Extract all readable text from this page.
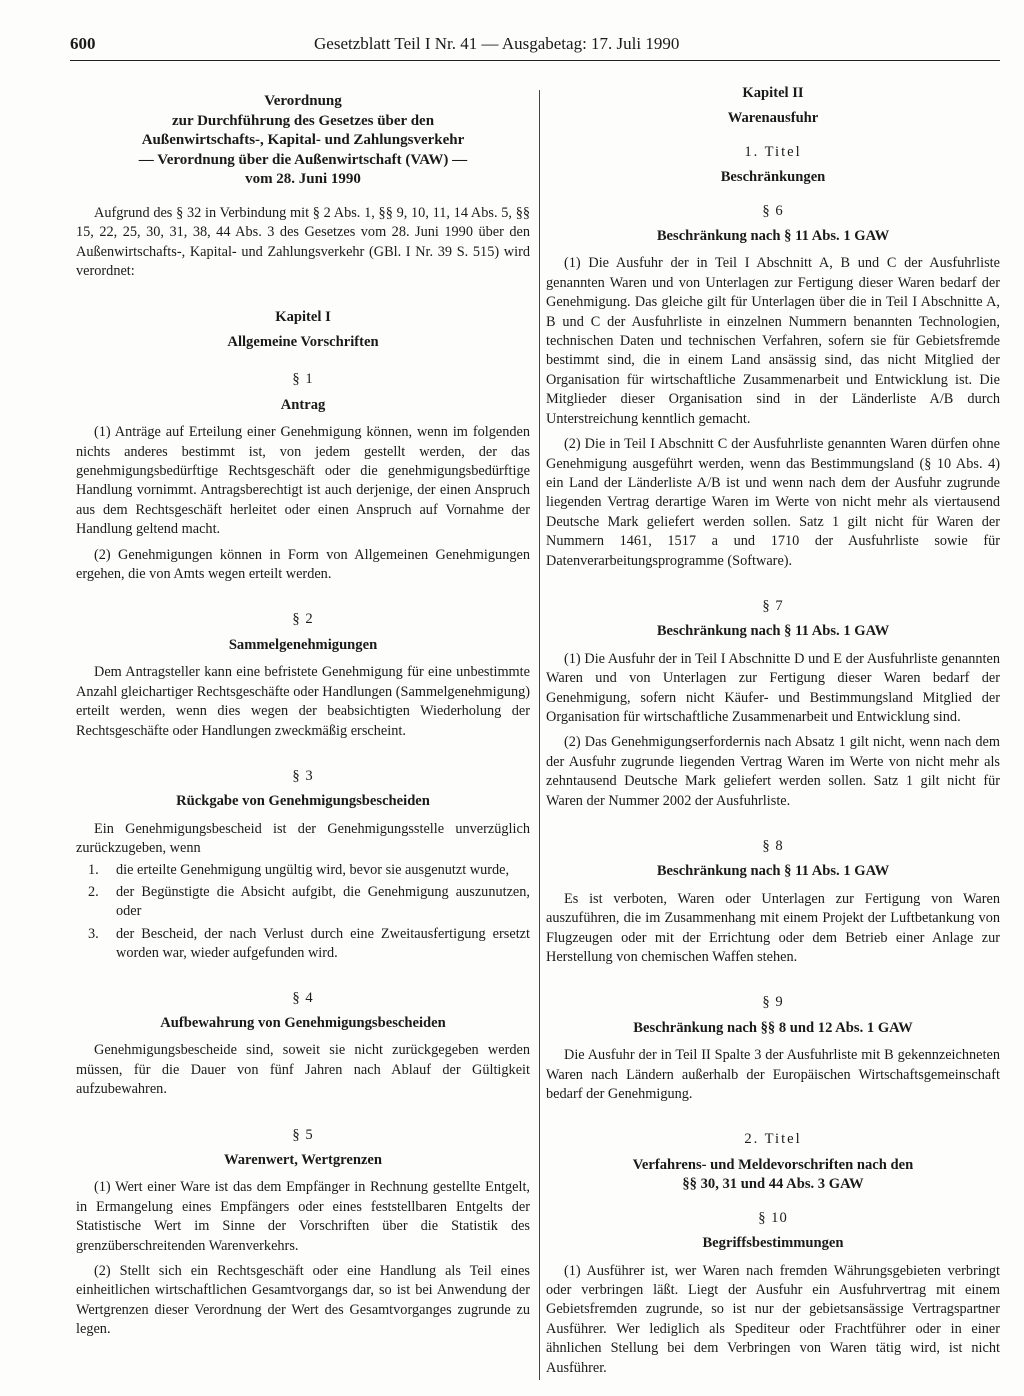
600	Gesetzblatt Teil I Nr. 41 — Ausgabetag: 17. Juli 1990
Verordnung
zur Durchführung des Gesetzes über den
Außenwirtschafts-, Kapital- und Zahlungsverkehr
— Verordnung über die Außenwirtschaft (VAW) —
vom 28. Juni 1990

Aufgrund des § 32 in Verbindung mit § 2 Abs. 1, §§ 9, 10, 11, 14 Abs. 5, §§ 15, 22, 25, 30, 31, 38, 44 Abs. 3 des Gesetzes vom 28. Juni 1990 über den Außenwirtschafts-, Kapital- und Zahlungsverkehr (GBl. I Nr. 39 S. 515) wird verordnet:

Kapitel I
Allgemeine Vorschriften
§ 1
Antrag

(1) Anträge auf Erteilung einer Genehmigung können, wenn im folgenden nichts anderes bestimmt ist, von jedem gestellt werden, der das genehmigungsbedürftige Rechtsgeschäft oder die genehmigungsbedürftige Handlung vornimmt. Antragsberechtigt ist auch derjenige, der einen Anspruch aus dem Rechtsgeschäft herleitet oder einen Anspruch auf Vornahme der Handlung geltend macht.

(2) Genehmigungen können in Form von Allgemeinen Genehmigungen ergehen, die von Amts wegen erteilt werden.

§ 2
Sammelgenehmigungen

Dem Antragsteller kann eine befristete Genehmigung für eine unbestimmte Anzahl gleichartiger Rechtsgeschäfte oder Handlungen (Sammelgenehmigung) erteilt werden, wenn dies wegen der beabsichtigten Wiederholung der Rechtsgeschäfte oder Handlungen zweckmäßig erscheint.

§ 3
Rückgabe von Genehmigungsbescheiden

Ein Genehmigungsbescheid ist der Genehmigungsstelle unverzüglich zurückzugeben, wenn

1. die erteilte Genehmigung ungültig wird, bevor sie ausgenutzt wurde,
2. der Begünstigte die Absicht aufgibt, die Genehmigung auszunutzen, oder
3. der Bescheid, der nach Verlust durch eine Zweitausfertigung ersetzt worden war, wieder aufgefunden wird.
§ 4
Aufbewahrung von Genehmigungsbescheiden

Genehmigungsbescheide sind, soweit sie nicht zurückgegeben werden müssen, für die Dauer von fünf Jahren nach Ablauf der Gültigkeit aufzubewahren.

§ 5
Warenwert, Wertgrenzen

(1) Wert einer Ware ist das dem Empfänger in Rechnung gestellte Entgelt, in Ermangelung eines Empfängers oder eines feststellbaren Entgelts der Statistische Wert im Sinne der Vorschriften über die Statistik des grenzüberschreitenden Warenverkehrs.

(2) Stellt sich ein Rechtsgeschäft oder eine Handlung als Teil eines einheitlichen wirtschaftlichen Gesamtvorgangs dar, so ist bei Anwendung der Wertgrenzen dieser Verordnung der Wert des Gesamtvorganges zugrunde zu legen.

Kapitel II
Warenausfuhr
1. Titel
Beschränkungen
§ 6
Beschränkung nach § 11 Abs. 1 GAW

(1) Die Ausfuhr der in Teil I Abschnitt A, B und C der Ausfuhrliste genannten Waren und von Unterlagen zur Fertigung dieser Waren bedarf der Genehmigung. Das gleiche gilt für Unterlagen über die in Teil I Abschnitte A, B und C der Ausfuhrliste in einzelnen Nummern benannten Technologien, technischen Daten und technischen Verfahren, sofern sie für Gebietsfremde bestimmt sind, die in einem Land ansässig sind, das nicht Mitglied der Organisation für wirtschaftliche Zusammenarbeit und Entwicklung ist. Die Mitglieder dieser Organisation sind in der Länderliste A/B durch Unterstreichung kenntlich gemacht.

(2) Die in Teil I Abschnitt C der Ausfuhrliste genannten Waren dürfen ohne Genehmigung ausgeführt werden, wenn das Bestimmungsland (§ 10 Abs. 4) ein Land der Länderliste A/B ist und wenn nach dem der Ausfuhr zugrunde liegenden Vertrag derartige Waren im Werte von nicht mehr als viertausend Deutsche Mark geliefert werden sollen. Satz 1 gilt nicht für Waren der Nummern 1461, 1517 a und 1710 der Ausfuhrliste sowie für Datenverarbeitungsprogramme (Software).

§ 7
Beschränkung nach § 11 Abs. 1 GAW

(1) Die Ausfuhr der in Teil I Abschnitte D und E der Ausfuhrliste genannten Waren und von Unterlagen zur Fertigung dieser Waren bedarf der Genehmigung, sofern nicht Käufer- und Bestimmungsland Mitglied der Organisation für wirtschaftliche Zusammenarbeit und Entwicklung sind.

(2) Das Genehmigungserfordernis nach Absatz 1 gilt nicht, wenn nach dem der Ausfuhr zugrunde liegenden Vertrag Waren im Werte von nicht mehr als zehntausend Deutsche Mark geliefert werden sollen. Satz 1 gilt nicht für Waren der Nummer 2002 der Ausfuhrliste.

§ 8
Beschränkung nach § 11 Abs. 1 GAW

Es ist verboten, Waren oder Unterlagen zur Fertigung von Waren auszuführen, die im Zusammenhang mit einem Projekt der Luftbetankung von Flugzeugen oder mit der Errichtung oder dem Betrieb einer Anlage zur Herstellung von chemischen Waffen stehen.

§ 9
Beschränkung nach §§ 8 und 12 Abs. 1 GAW

Die Ausfuhr der in Teil II Spalte 3 der Ausfuhrliste mit B gekennzeichneten Waren nach Ländern außerhalb der Europäischen Wirtschaftsgemeinschaft bedarf der Genehmigung.

2. Titel
Verfahrens- und Meldevorschriften nach den
§§ 30, 31 und 44 Abs. 3 GAW
§ 10
Begriffsbestimmungen

(1) Ausführer ist, wer Waren nach fremden Währungsgebieten verbringt oder verbringen läßt. Liegt der Ausfuhr ein Ausfuhrvertrag mit einem Gebietsfremden zugrunde, so ist nur der gebietsansässige Vertragspartner Ausführer. Wer lediglich als Spediteur oder Frachtführer oder in einer ähnlichen Stellung bei dem Verbringen von Waren tätig wird, ist nicht Ausführer.
